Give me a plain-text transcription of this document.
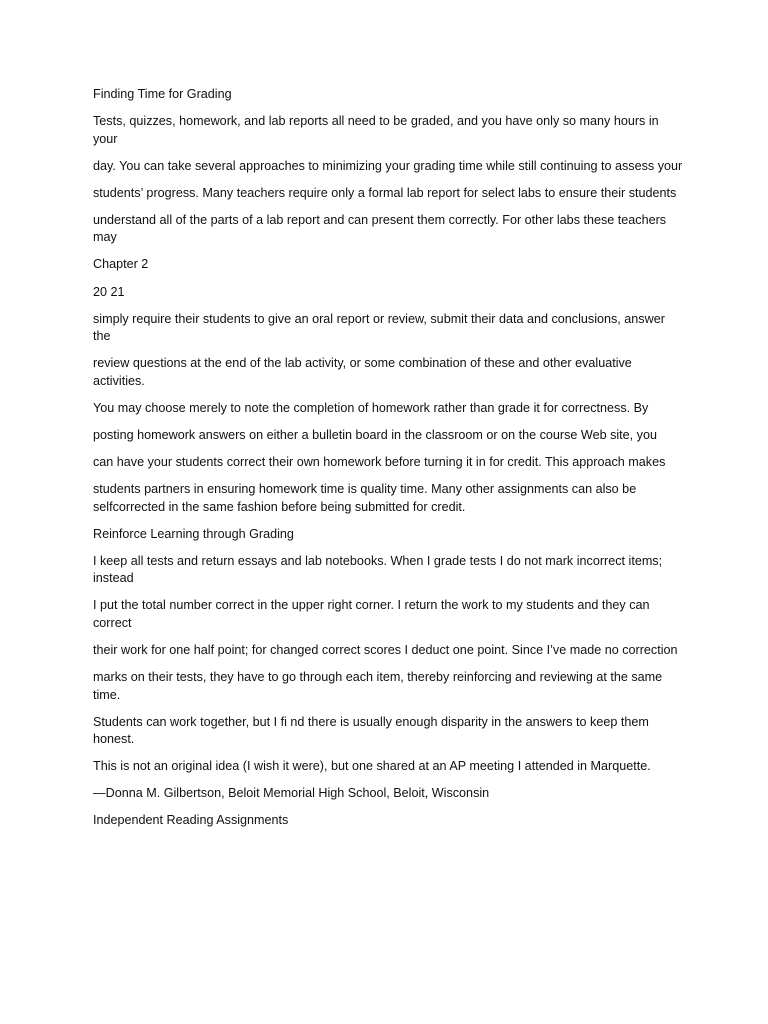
Finding Time for Grading

Tests, quizzes, homework, and lab reports all need to be graded, and you have only so many hours in your

day. You can take several approaches to minimizing your grading time while still continuing to assess your

students’ progress. Many teachers require only a formal lab report for select labs to ensure their students

understand all of the parts of a lab report and can present them correctly. For other labs these teachers may

Chapter 2

20 21

simply require their students to give an oral report or review, submit their data and conclusions, answer the

review questions at the end of the lab activity, or some combination of these and other evaluative activities.

You may choose merely to note the completion of homework rather than grade it for correctness. By

posting homework answers on either a bulletin board in the classroom or on the course Web site, you

can have your students correct their own homework before turning it in for credit. This approach makes

students partners in ensuring homework time is quality time. Many other assignments can also be selfcorrected in the same fashion before being submitted for credit.

Reinforce Learning through Grading

I keep all tests and return essays and lab notebooks. When I grade tests I do not mark incorrect items; instead

I put the total number correct in the upper right corner. I return the work to my students and they can correct

their work for one half point; for changed correct scores I deduct one point. Since I’ve made no correction

marks on their tests, they have to go through each item, thereby reinforcing and reviewing at the same time.

Students can work together, but I fi nd there is usually enough disparity in the answers to keep them honest.

This is not an original idea (I wish it were), but one shared at an AP meeting I attended in Marquette.

—Donna M. Gilbertson, Beloit Memorial High School, Beloit, Wisconsin

Independent Reading Assignments
